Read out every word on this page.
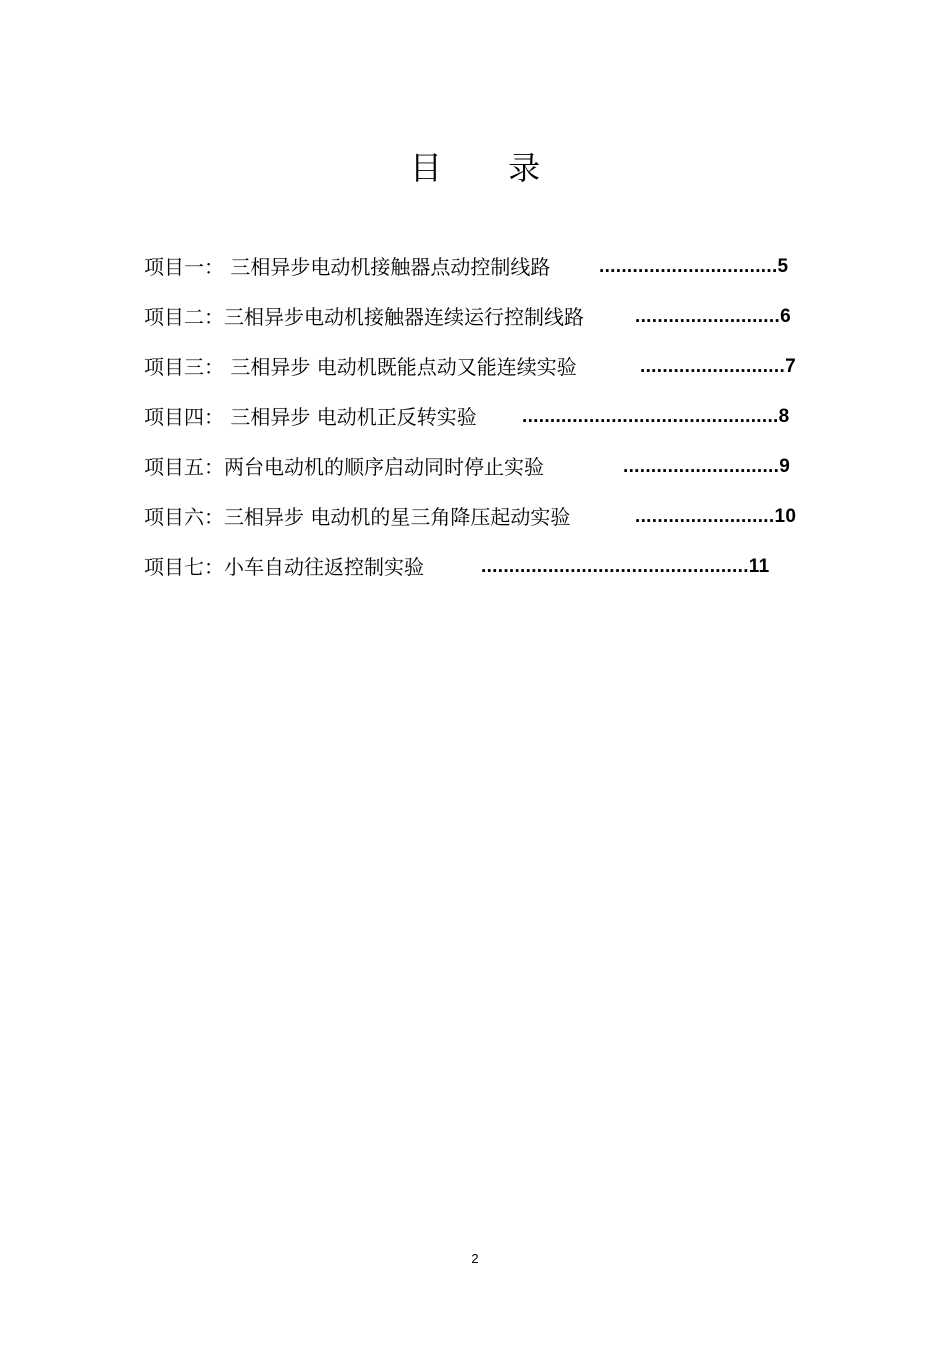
目 录
项目一： 三相异步电动机接触器点动控制线路	................................5
项目二：三相异步电动机接触器连续运行控制线路	..........................6
项目三： 三相异步 电动机既能点动又能连续实验	..........................7
项目四： 三相异步 电动机正反转实验 ..............................................8
项目五：两台电动机的顺序启动同时停止实验	............................9
项目六：三相异步 电动机的星三角降压起动实验	.........................10
项目七：小车自动往返控制实验	................................................11
2
